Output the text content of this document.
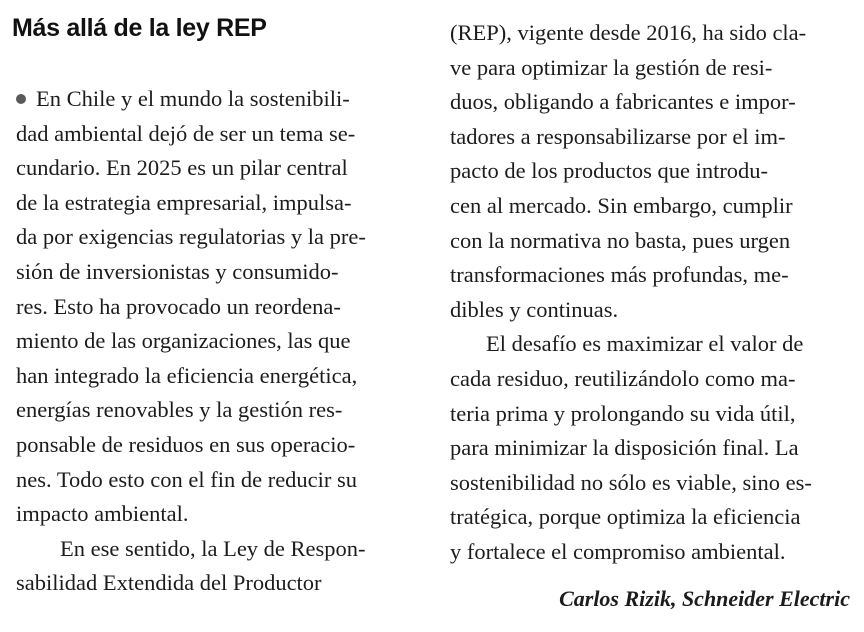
Más allá de la ley REP
En Chile y el mundo la sostenibili-
dad ambiental dejó de ser un tema se-
cundario. En 2025 es un pilar central
de la estrategia empresarial, impulsa-
da por exigencias regulatorias y la pre-
sión de inversionistas y consumido-
res. Esto ha provocado un reordena-
miento de las organizaciones, las que
han integrado la eficiencia energética,
energías renovables y la gestión res-
ponsable de residuos en sus operacio-
nes. Todo esto con el fin de reducir su
impacto ambiental.
En ese sentido, la Ley de Respon-
sabilidad Extendida del Productor
(REP), vigente desde 2016, ha sido cla-
ve para optimizar la gestión de resi-
duos, obligando a fabricantes e impor-
tadores a responsabilizarse por el im-
pacto de los productos que introdu-
cen al mercado. Sin embargo, cumplir
con la normativa no basta, pues urgen
transformaciones más profundas, me-
dibles y continuas.
El desafío es maximizar el valor de
cada residuo, reutilizándolo como ma-
teria prima y prolongando su vida útil,
para minimizar la disposición final. La
sostenibilidad no sólo es viable, sino es-
tratégica, porque optimiza la eficiencia
y fortalece el compromiso ambiental.
Carlos Rizik, Schneider Electric
